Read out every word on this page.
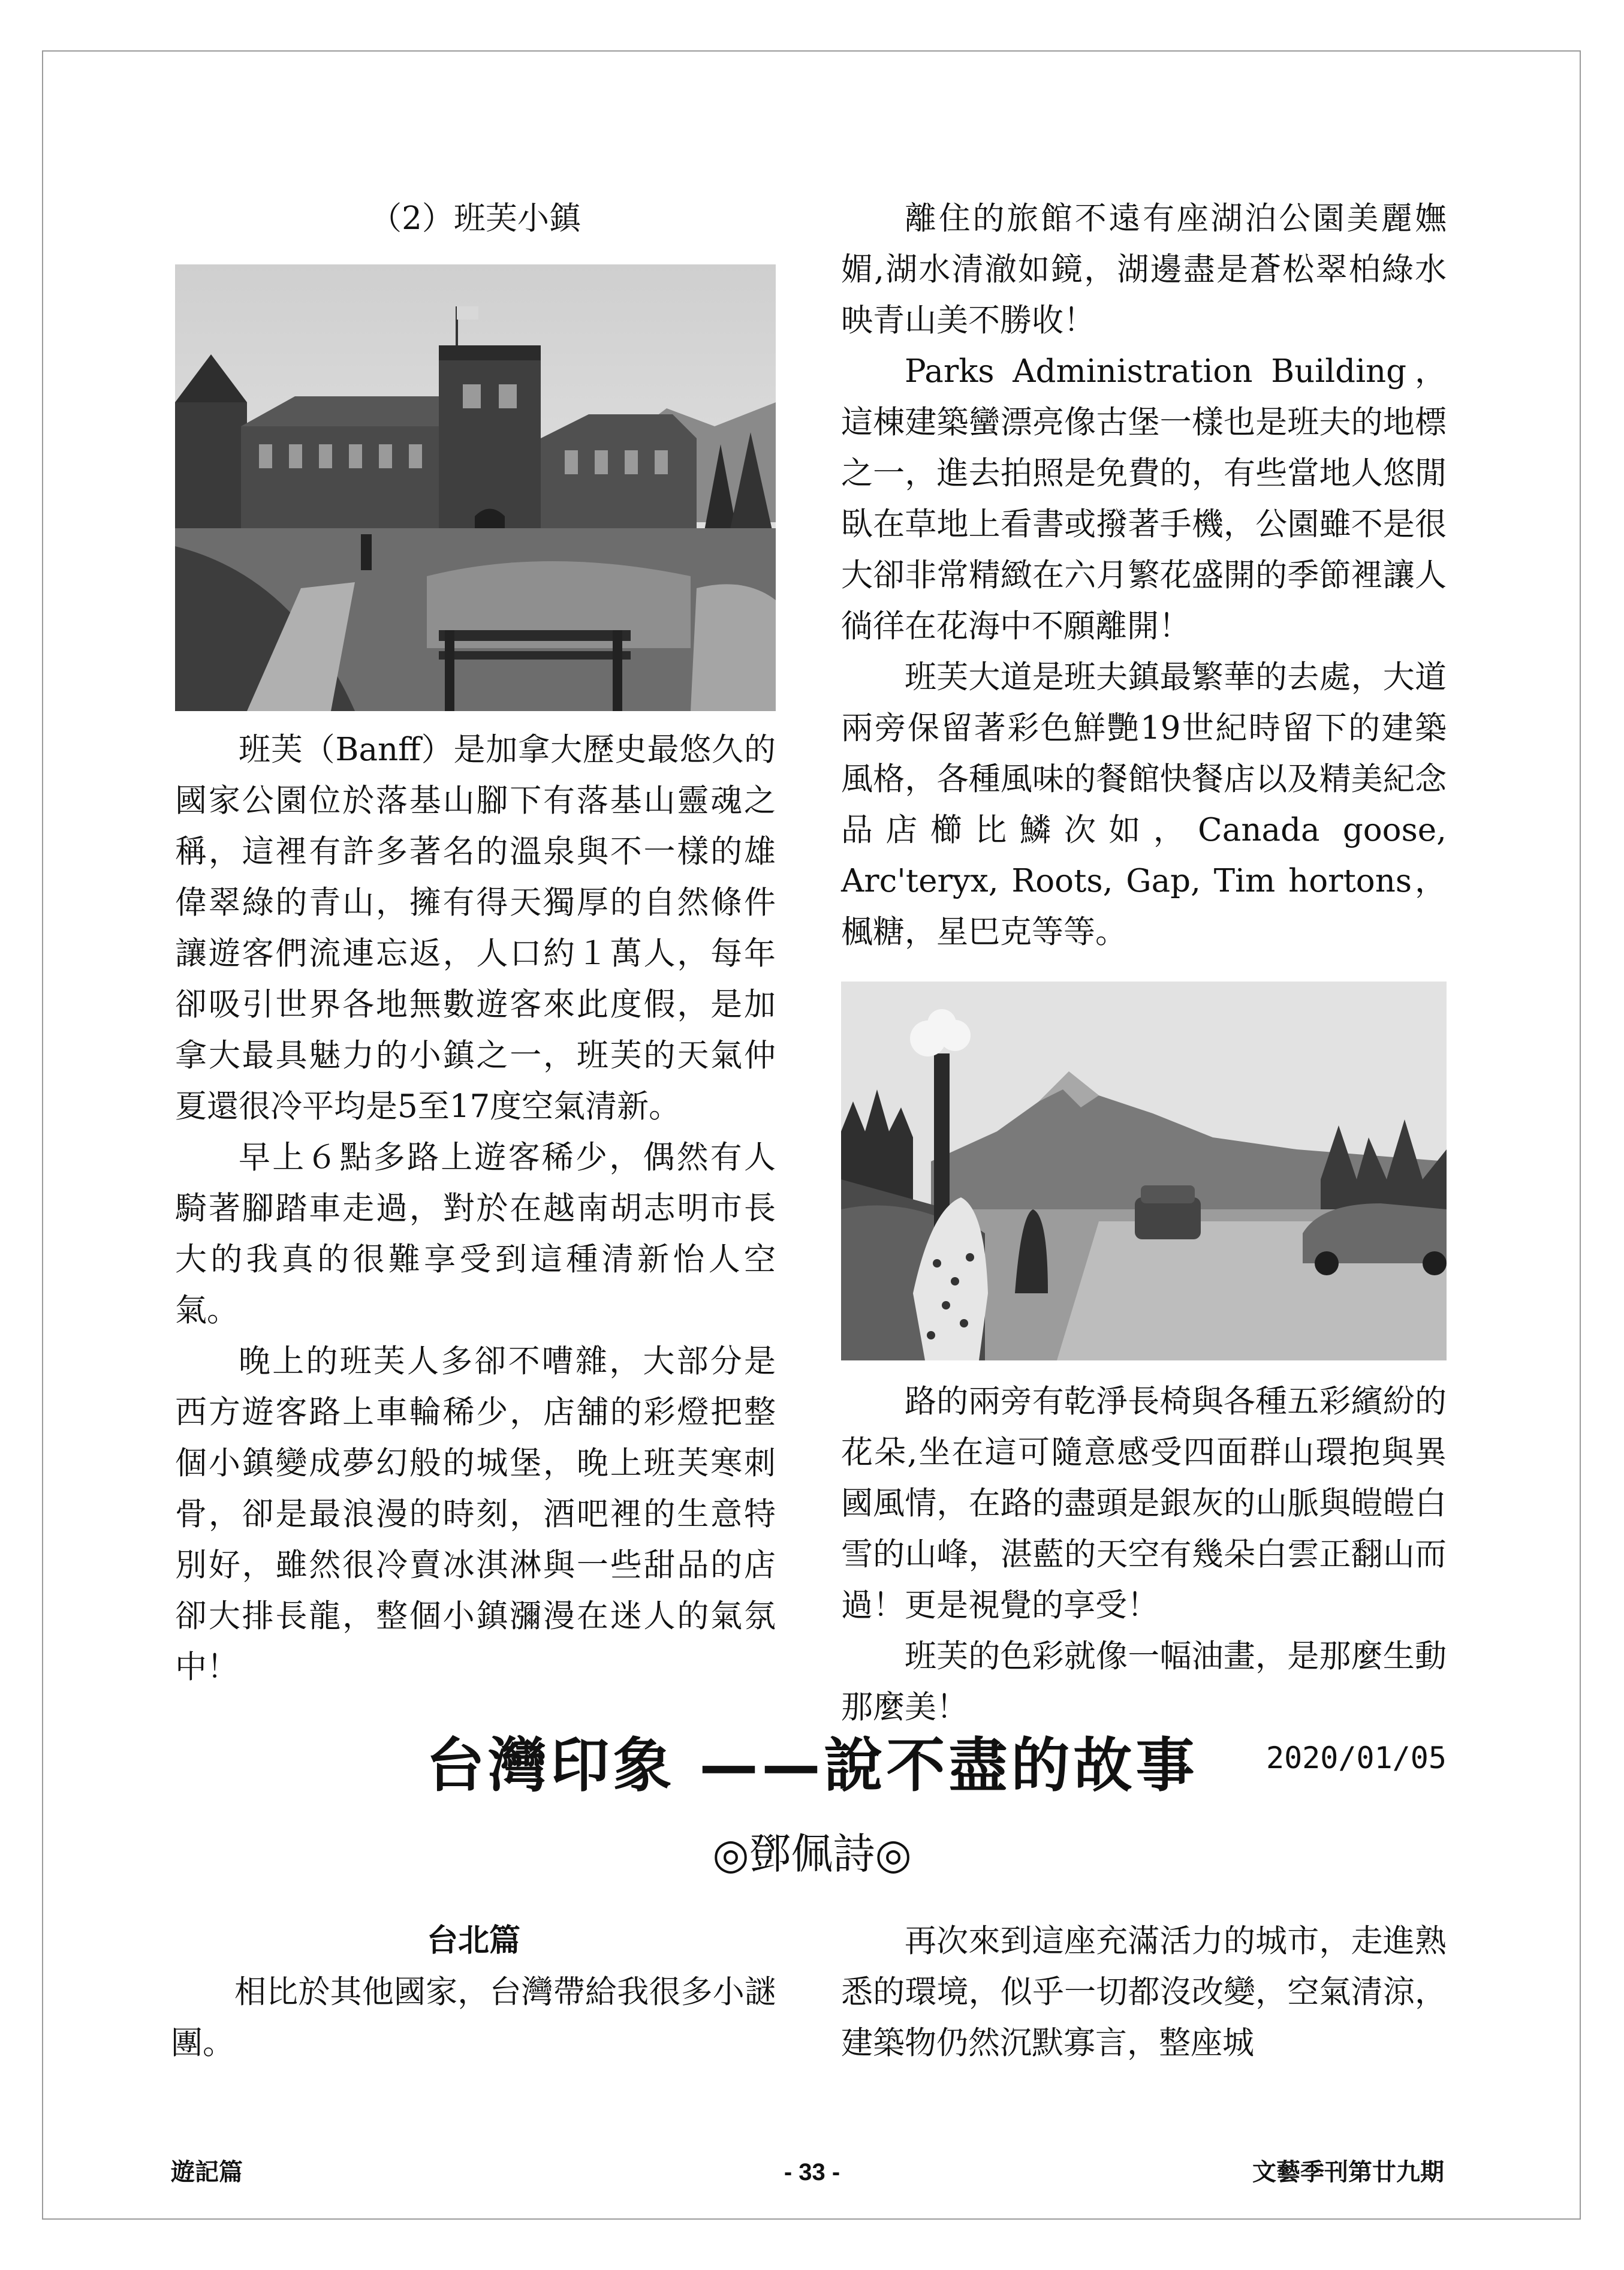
（2）班芙小鎮

班芙（Banff）是加拿大歷史最悠久的國家公園位於落基山腳下有落基山靈魂之稱，這裡有許多著名的溫泉與不一樣的雄偉翠綠的青山，擁有得天獨厚的自然條件讓遊客們流連忘返，人口約１萬人，每年卻吸引世界各地無數遊客來此度假，是加拿大最具魅力的小鎮之一，班芙的天氣仲夏還很冷平均是5至17度空氣清新。

早上６點多路上遊客稀少，偶然有人騎著腳踏車走過，對於在越南胡志明市長大的我真的很難享受到這種清新怡人空氣。

晚上的班芙人多卻不嘈雜，大部分是西方遊客路上車輪稀少，店舖的彩燈把整個小鎮變成夢幻般的城堡，晚上班芙寒刺骨，卻是最浪漫的時刻，酒吧裡的生意特別好，雖然很冷賣冰淇淋與一些甜品的店卻大排長龍，整個小鎮瀰漫在迷人的氣氛中！

離住的旅館不遠有座湖泊公園美麗嫵媚,湖水清澈如鏡，湖邊盡是蒼松翠柏綠水映青山美不勝收！

Parks Administration Building，這棟建築蠻漂亮像古堡一樣也是班夫的地標之一，進去拍照是免費的，有些當地人悠閒臥在草地上看書或撥著手機，公園雖不是很大卻非常精緻在六月繁花盛開的季節裡讓人徜徉在花海中不願離開！

班芙大道是班夫鎮最繁華的去處，大道兩旁保留著彩色鮮艷19世紀時留下的建築風格，各種風味的餐館快餐店以及精美紀念品店櫛比鱗次如，Canada goose, Arc'teryx, Roots, Gap, Tim hortons，楓糖，星巴克等等。

路的兩旁有乾淨長椅與各種五彩繽紛的花朵,坐在這可隨意感受四面群山環抱與異國風情，在路的盡頭是銀灰的山脈與皚皚白雪的山峰，湛藍的天空有幾朵白雲正翻山而過！更是視覺的享受！

班芙的色彩就像一幅油畫，是那麼生動那麼美！

2020/01/05
台灣印象 ——說不盡的故事
◎鄧佩詩◎
台北篇

相比於其他國家，台灣帶給我很多小謎團。

再次來到這座充滿活力的城市，走進熟悉的環境，似乎一切都沒改變，空氣清涼，建築物仍然沉默寡言，整座城

遊記篇	- 33 -	文藝季刊第廿九期
